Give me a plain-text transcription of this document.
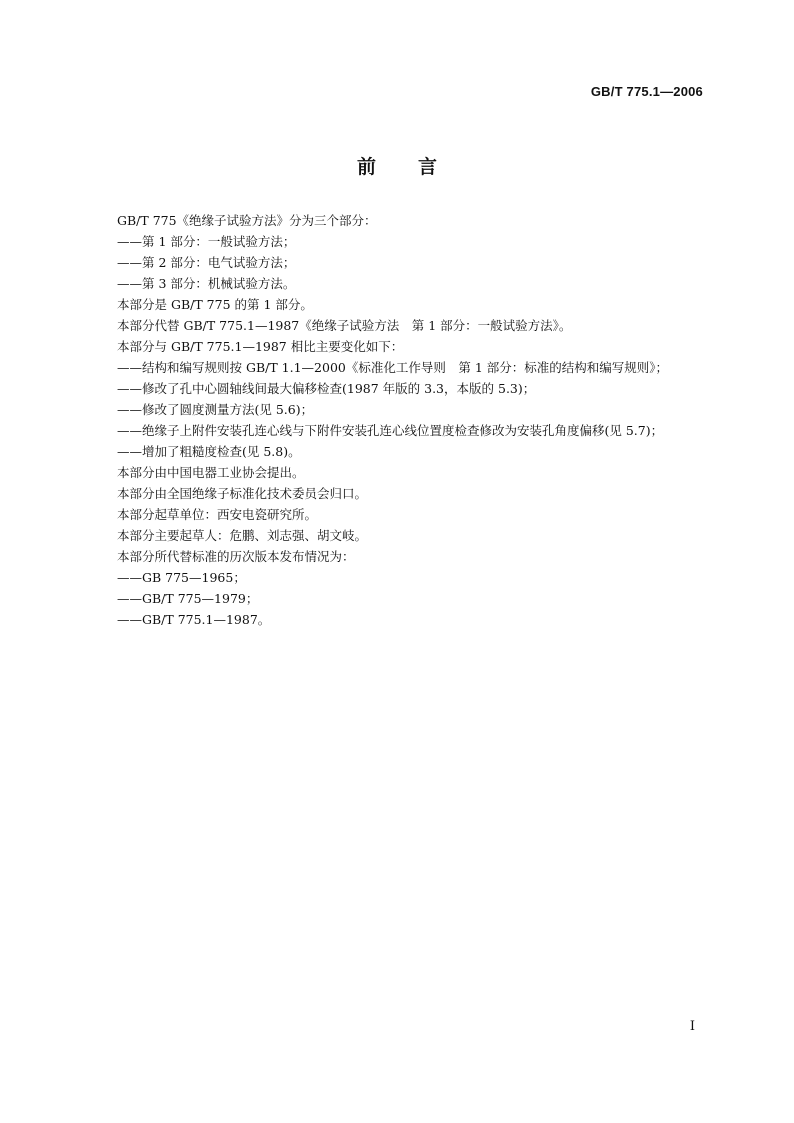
GB/T 775.1—2006
前言
GB/T 775《绝缘子试验方法》分为三个部分：
——第 1 部分：一般试验方法；
——第 2 部分：电气试验方法；
——第 3 部分：机械试验方法。
本部分是 GB/T 775 的第 1 部分。
本部分代替 GB/T 775.1—1987《绝缘子试验方法　第 1 部分：一般试验方法》。
本部分与 GB/T 775.1—1987 相比主要变化如下：
——结构和编写规则按 GB/T 1.1—2000《标准化工作导则　第 1 部分：标准的结构和编写规则》；
——修改了孔中心圆轴线间最大偏移检查(1987 年版的 3.3，本版的 5.3)；
——修改了圆度测量方法(见 5.6)；
——绝缘子上附件安装孔连心线与下附件安装孔连心线位置度检查修改为安装孔角度偏移(见 5.7)；
——增加了粗糙度检查(见 5.8)。
本部分由中国电器工业协会提出。
本部分由全国绝缘子标准化技术委员会归口。
本部分起草单位：西安电瓷研究所。
本部分主要起草人：危鹏、刘志强、胡文岐。
本部分所代替标准的历次版本发布情况为：
——GB 775—1965；
——GB/T 775—1979；
——GB/T 775.1—1987。
I
